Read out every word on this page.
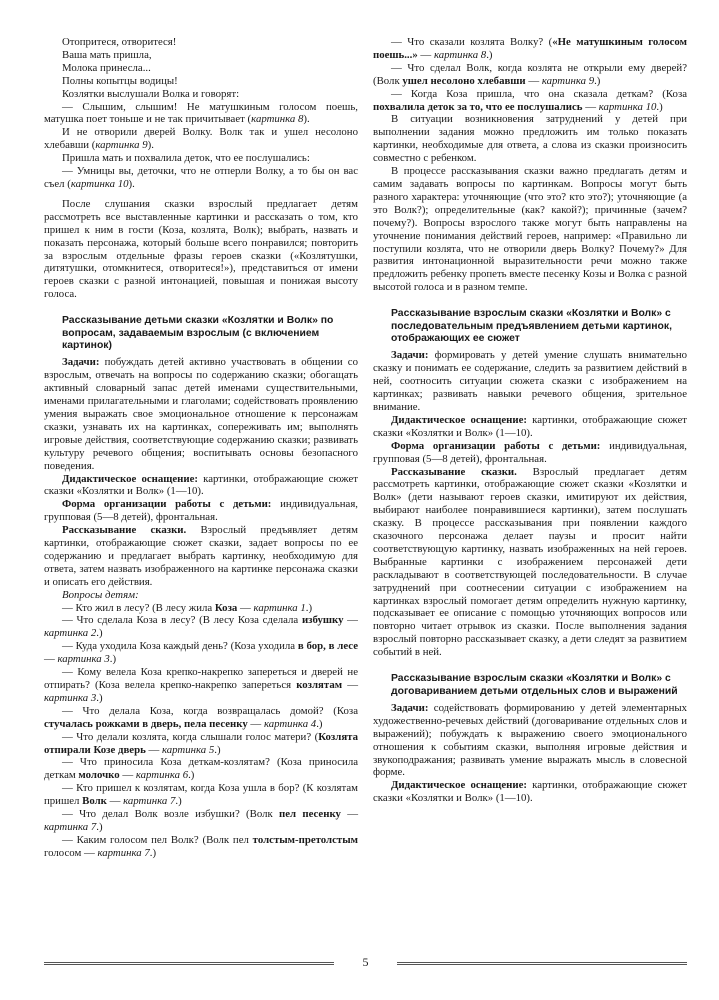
Отопритеся, отворитеся!

Ваша мать пришла,

Молока принесла...

Полны копытцы водицы!

Козлятки выслушали Волка и говорят:

— Слышим, слышим! Не матушкиным голосом поешь, матушка поет тоньше и не так причитывает (картинка 8).

И не отворили дверей Волку. Волк так и ушел несолоно хлебавши (картинка 9).

Пришла мать и похвалила деток, что ее послушались:

— Умницы вы, деточки, что не отперли Волку, а то бы он вас съел (картинка 10).

После слушания сказки взрослый предлагает детям рассмотреть все выставленные картинки и рассказать о том, кто пришел к ним в гости (Коза, козлята, Волк); выбрать, назвать и показать персонажа, который больше всего понравился; повторить за взрослым отдельные фразы героев сказки («Козлятушки, дитятушки, отомкнитеся, отворитеся!»), представиться от имени героев сказки с разной интонацией, повышая и понижая высоту голоса.

Рассказывание детьми сказки «Козлятки и Волк» по вопросам, задаваемым взрослым (с включением картинок)

Задачи: побуждать детей активно участвовать в общении со взрослым, отвечать на вопросы по содержанию сказки; обогащать активный словарный запас детей именами существительными, именами прилагательными и глаголами; содействовать проявлению умения выражать свое эмоциональное отношение к персонажам сказки, узнавать их на картинках, сопереживать им; выполнять игровые действия, соответствующие содержанию сказки; развивать культуру речевого общения; воспитывать основы безопасного поведения.

Дидактическое оснащение: картинки, отображающие сюжет сказки «Козлятки и Волк» (1—10).

Форма организации работы с детьми: индивидуальная, групповая (5—8 детей), фронтальная.

Рассказывание сказки. Взрослый предъявляет детям картинки, отображающие сюжет сказки, задает вопросы по ее содержанию и предлагает выбрать картинку, необходимую для ответа, затем назвать изображенного на картинке персонажа сказки и описать его действия.

Вопросы детям:

— Кто жил в лесу? (В лесу жила Коза — картинка 1.)

— Что сделала Коза в лесу? (В лесу Коза сделала избушку — картинка 2.)

— Куда уходила Коза каждый день? (Коза уходила в бор, в лесе — картинка 3.)

— Кому велела Коза крепко-накрепко запереться и дверей не отпирать? (Коза велела крепко-накрепко запереться козлятам — картинка 3.)

— Что делала Коза, когда возвращалась домой? (Коза стучалась рожками в дверь, пела песенку — картинка 4.)

— Что делали козлята, когда слышали голос матери? (Козлята отпирали Козе дверь — картинка 5.)

— Что приносила Коза деткам-козлятам? (Коза приносила деткам молочко — картинка 6.)

— Кто пришел к козлятам, когда Коза ушла в бор? (К козлятам пришел Волк — картинка 7.)

— Что делал Волк возле избушки? (Волк пел песенку — картинка 7.)

— Каким голосом пел Волк? (Волк пел толстым-претолстым голосом — картинка 7.)

— Что сказали козлята Волку? («Не матушкиным голосом поешь...» — картинка 8.)

— Что сделал Волк, когда козлята не открыли ему дверей? (Волк ушел несолоно хлебавши — картинка 9.)

— Когда Коза пришла, что она сказала деткам? (Коза похвалила деток за то, что ее послушались — картинка 10.)

В ситуации возникновения затруднений у детей при выполнении задания можно предложить им только показать картинки, необходимые для ответа, а слова из сказки произносить совместно с ребенком.

В процессе рассказывания сказки важно предлагать детям и самим задавать вопросы по картинкам. Вопросы могут быть разного характера: уточняющие (что это? кто это?); уточняющие (а это Волк?); определительные (как? какой?); причинные (зачем? почему?). Вопросы взрослого также могут быть направлены на уточнение понимания действий героев, например: «Правильно ли поступили козлята, что не отворили дверь Волку? Почему?» Для развития интонационной выразительности речи можно также предложить ребенку пропеть вместе песенку Козы и Волка с разной высотой голоса и в разном темпе.

Рассказывание взрослым сказки «Козлятки и Волк» с последовательным предъявлением детьми картинок, отображающих ее сюжет

Задачи: формировать у детей умение слушать внимательно сказку и понимать ее содержание, следить за развитием действий в ней, соотносить ситуации сюжета сказки с изображением на картинках; развивать навыки речевого общения, зрительное внимание.

Дидактическое оснащение: картинки, отображающие сюжет сказки «Козлятки и Волк» (1—10).

Форма организации работы с детьми: индивидуальная, групповая (5—8 детей), фронтальная.

Рассказывание сказки. Взрослый предлагает детям рассмотреть картинки, отображающие сюжет сказки «Козлятки и Волк» (дети называют героев сказки, имитируют их действия, выбирают наиболее понравившиеся картинки), затем послушать сказку. В процессе рассказывания при появлении каждого сказочного персонажа делает паузы и просит найти соответствующую картинку, назвать изображенных на ней героев. Выбранные картинки с изображением персонажей дети раскладывают в соответствующей последовательности. В случае затруднений при соотнесении ситуации с изображением на картинках взрослый помогает детям определить нужную картинку, подсказывает ее описание с помощью уточняющих вопросов или повторно читает отрывок из сказки. После выполнения задания взрослый повторно рассказывает сказку, а дети следят за развитием событий в ней.

Рассказывание взрослым сказки «Козлятки и Волк» с договариванием детьми отдельных слов и выражений

Задачи: содействовать формированию у детей элементарных художественно-речевых действий (договаривание отдельных слов и выражений); побуждать к выражению своего эмоционального отношения к событиям сказки, выполняя игровые действия и звукоподражания; развивать умение выражать мысль в словесной форме.

Дидактическое оснащение: картинки, отображающие сюжет сказки «Козлятки и Волк» (1—10).

5
